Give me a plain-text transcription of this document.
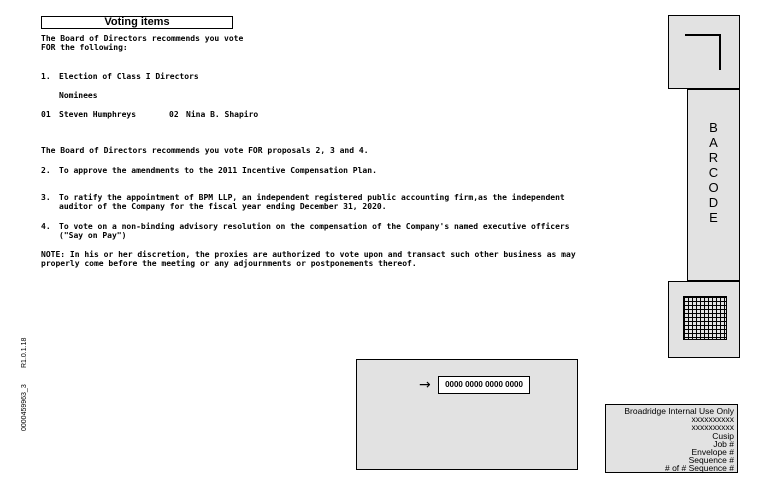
Voting items
The Board of Directors recommends you vote
FOR the following:
1. Election of Class I Directors
Nominees
01 Steven Humphreys	02 Nina B. Shapiro
The Board of Directors recommends you vote FOR proposals 2, 3 and 4.
2. To approve the amendments to the 2011 Incentive Compensation Plan.
3. To ratify the appointment of BPM LLP, an independent registered public accounting firm,as the independent
auditor of the Company for the fiscal year ending December 31, 2020.
4. To vote on a non-binding advisory resolution on the compensation of the Company's named executive officers
("Say on Pay")
NOTE: In his or her discretion, the proxies are authorized to vote upon and transact such other business as may
properly come before the meeting or any adjournments or postponements thereof.
B
A
R
C
O
D
E
→	0000 0000 0000 0000
Broadridge Internal Use Only
xxxxxxxxxx
xxxxxxxxxx
Cusip
Job #
Envelope #
Sequence #
# of # Sequence #
R1.0.1.18
0000459963_3
